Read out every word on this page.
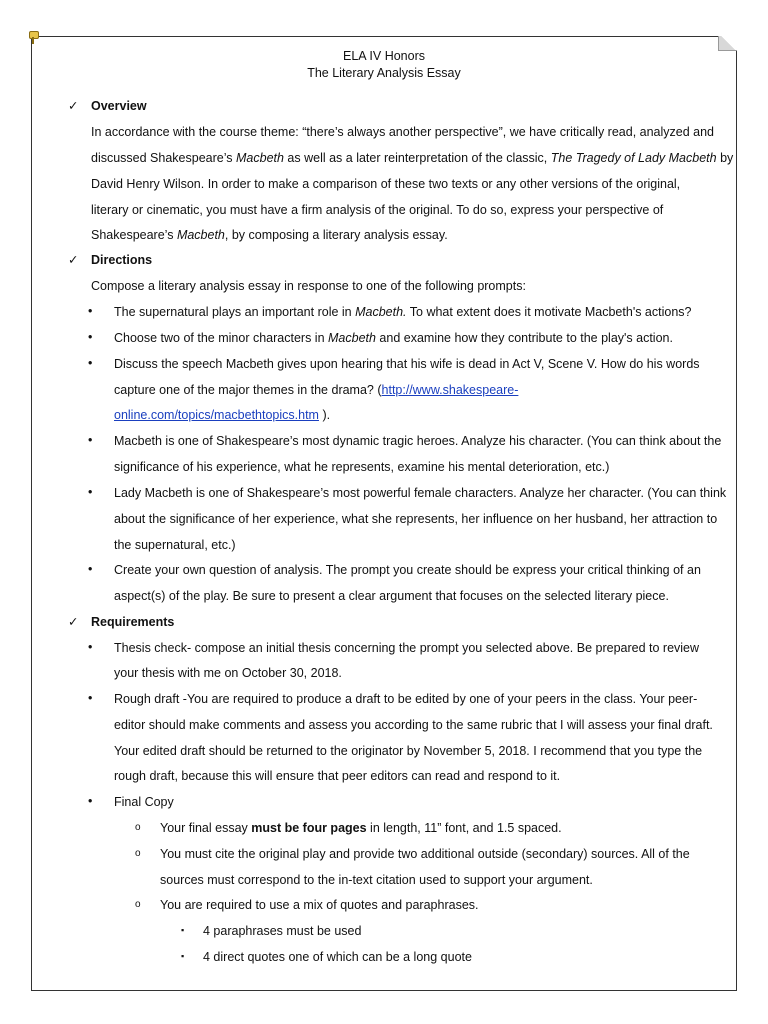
ELA IV Honors
The Literary Analysis Essay
✓ Overview
In accordance with the course theme: “there’s always another perspective”, we have critically read, analyzed and
discussed Shakespeare’s Macbeth as well as a later reinterpretation of the classic, The Tragedy of Lady Macbeth by
David Henry Wilson. In order to make a comparison of these two texts or any other versions of the original,
literary or cinematic, you must have a firm analysis of the original. To do so, express your perspective of
Shakespeare’s Macbeth, by composing a literary analysis essay.
✓ Directions
Compose a literary analysis essay in response to one of the following prompts:
• The supernatural plays an important role in Macbeth. To what extent does it motivate Macbeth's actions?
• Choose two of the minor characters in Macbeth and examine how they contribute to the play's action.
• Discuss the speech Macbeth gives upon hearing that his wife is dead in Act V, Scene V. How do his words
capture one of the major themes in the drama? (http://www.shakespeare-
online.com/topics/macbethtopics.htm ).
• Macbeth is one of Shakespeare’s most dynamic tragic heroes. Analyze his character. (You can think about the
significance of his experience, what he represents, examine his mental deterioration, etc.)
• Lady Macbeth is one of Shakespeare’s most powerful female characters. Analyze her character. (You can think
about the significance of her experience, what she represents, her influence on her husband, her attraction to
the supernatural, etc.)
• Create your own question of analysis. The prompt you create should be express your critical thinking of an
aspect(s) of the play. Be sure to present a clear argument that focuses on the selected literary piece.
✓ Requirements
• Thesis check- compose an initial thesis concerning the prompt you selected above. Be prepared to review
your thesis with me on October 30, 2018.
• Rough draft -You are required to produce a draft to be edited by one of your peers in the class. Your peer-
editor should make comments and assess you according to the same rubric that I will assess your final draft.
Your edited draft should be returned to the originator by November 5, 2018. I recommend that you type the
rough draft, because this will ensure that peer editors can read and respond to it.
• Final Copy
o Your final essay must be four pages in length, 11” font, and 1.5 spaced.
o You must cite the original play and provide two additional outside (secondary) sources. All of the
sources must correspond to the in-text citation used to support your argument.
o You are required to use a mix of quotes and paraphrases.
▪ 4 paraphrases must be used
▪ 4 direct quotes one of which can be a long quote
